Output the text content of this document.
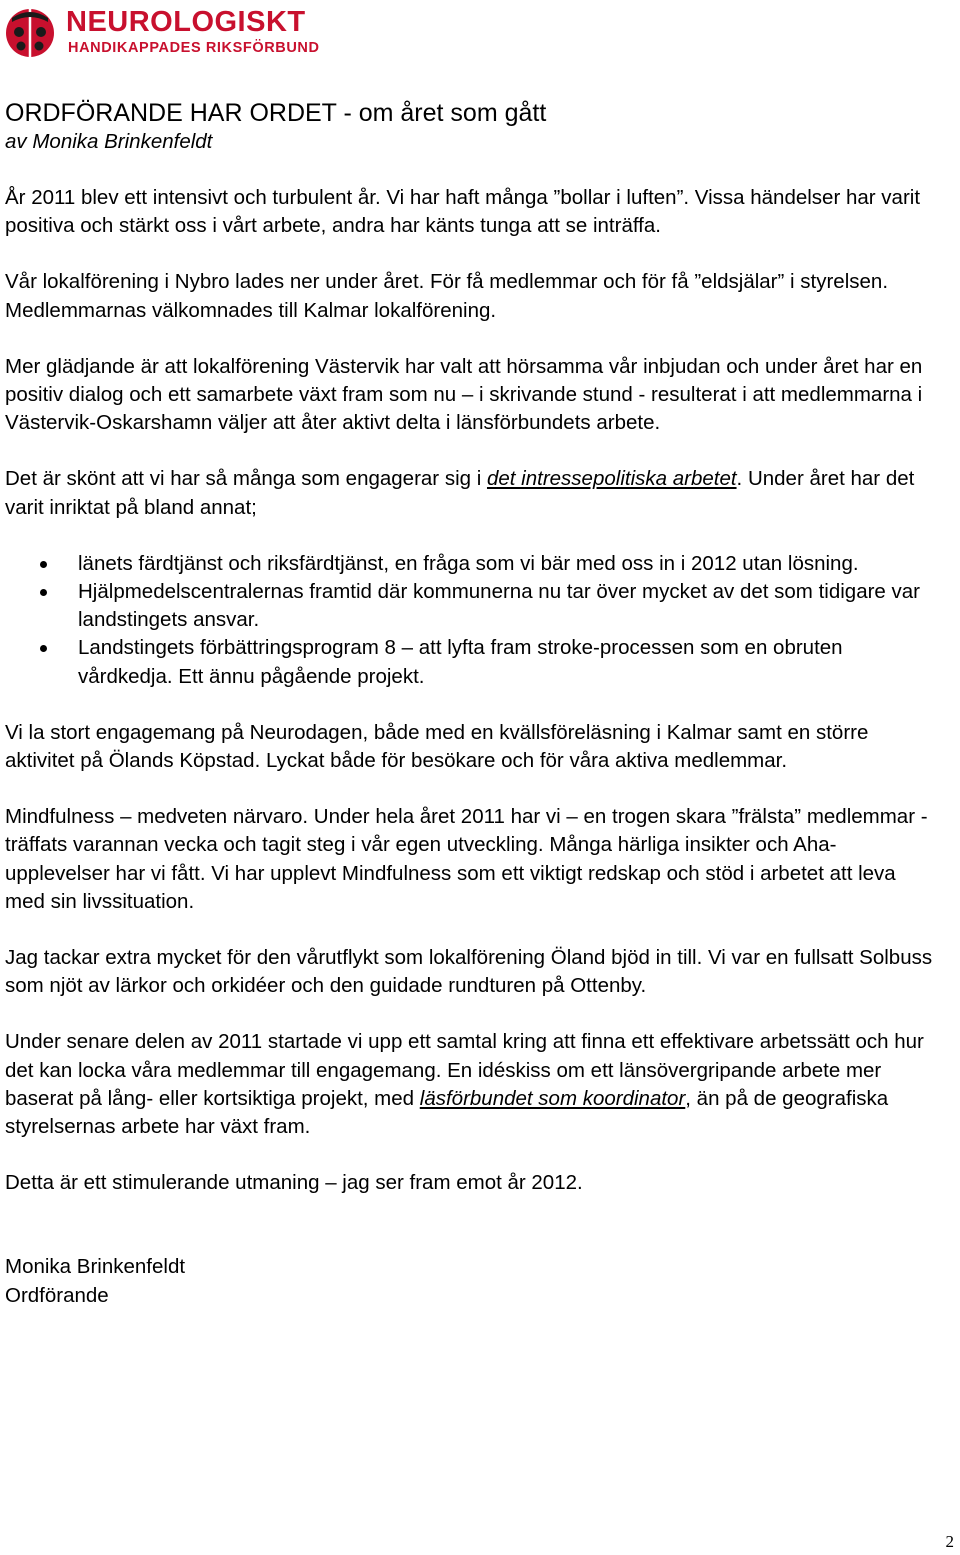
NEUROLOGISKT
HANDIKAPPADES RIKSFÖRBUND
ORDFÖRANDE HAR ORDET - om året som gått
av Monika Brinkenfeldt

År 2011 blev ett intensivt och turbulent år. Vi har haft många ”bollar i luften”. Vissa händelser har varit positiva och stärkt oss i vårt arbete, andra har känts tunga att se inträffa.

Vår lokalförening i Nybro lades ner under året. För få medlemmar och för få ”eldsjälar” i styrelsen. Medlemmarnas välkomnades till Kalmar lokalförening.

Mer glädjande är att lokalförening Västervik har valt att hörsamma vår inbjudan och under året har en positiv dialog och ett samarbete växt fram som nu – i skrivande stund - resulterat i att medlemmarna i Västervik-Oskarshamn väljer att åter aktivt delta i länsförbundets arbete.

Det är skönt att vi har så många som engagerar sig i det intressepolitiska arbetet. Under året har det varit inriktat på bland annat;

länets färdtjänst och riksfärdtjänst, en fråga som vi bär med oss in i 2012 utan lösning.
Hjälpmedelscentralernas framtid där kommunerna nu tar över mycket av det som tidigare var landstingets ansvar.
Landstingets förbättringsprogram 8 – att lyfta fram stroke-processen som en obruten vårdkedja. Ett ännu pågående projekt.

Vi la stort engagemang på Neurodagen, både med en kvällsföreläsning i Kalmar samt en större aktivitet på Ölands Köpstad. Lyckat både för besökare och för våra aktiva medlemmar.

Mindfulness – medveten närvaro. Under hela året 2011 har vi – en trogen skara ”frälsta” medlemmar - träffats varannan vecka och tagit steg i vår egen utveckling. Många härliga insikter och Aha-upplevelser har vi fått. Vi har upplevt Mindfulness som ett viktigt redskap och stöd i arbetet att leva med sin livssituation.

Jag tackar extra mycket för den vårutflykt som lokalförening Öland bjöd in till. Vi var en fullsatt Solbuss som njöt av lärkor och orkidéer och den guidade rundturen på Ottenby.

Under senare delen av 2011 startade vi upp ett samtal kring att finna ett effektivare arbetssätt och hur det kan locka våra medlemmar till engagemang. En idéskiss om ett länsövergripande arbete mer baserat på lång- eller kortsiktiga projekt, med läsförbundet som koordinator, än på de geografiska styrelsernas arbete har växt fram.

Detta är ett stimulerande utmaning – jag ser fram emot år 2012.

Monika Brinkenfeldt
Ordförande
2
